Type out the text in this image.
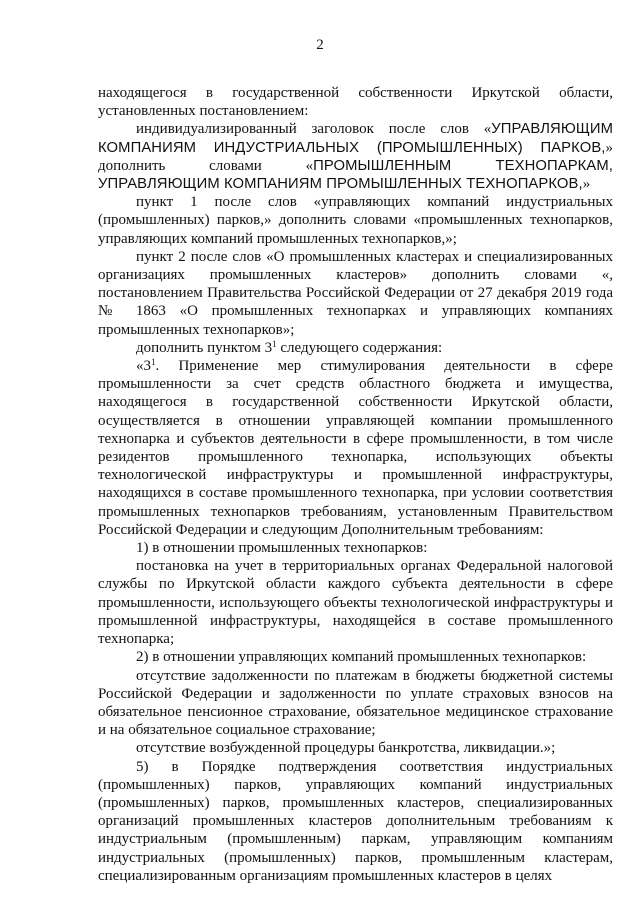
2

находящегося в государственной собственности Иркутской области, установленных постановлением:

индивидуализированный заголовок после слов «УПРАВЛЯЮЩИМ КОМПАНИЯМ ИНДУСТРИАЛЬНЫХ (ПРОМЫШЛЕННЫХ) ПАРКОВ,» дополнить словами «ПРОМЫШЛЕННЫМ ТЕХНОПАРКАМ, УПРАВЛЯЮЩИМ КОМПАНИЯМ ПРОМЫШЛЕННЫХ ТЕХНОПАРКОВ,»

пункт 1 после слов «управляющих компаний индустриальных (промышленных) парков,» дополнить словами «промышленных технопарков, управляющих компаний промышленных технопарков,»;

пункт 2 после слов «О промышленных кластерах и специализированных организациях промышленных кластеров» дополнить словами «, постановлением Правительства Российской Федерации от 27 декабря 2019 года № 1863 «О промышленных технопарках и управляющих компаниях промышленных технопарков»;

дополнить пунктом $3^1$ следующего содержания:

«$3^1$. Применение мер стимулирования деятельности в сфере промышленности за счет средств областного бюджета и имущества, находящегося в государственной собственности Иркутской области, осуществляется в отношении управляющей компании промышленного технопарка и субъектов деятельности в сфере промышленности, в том числе резидентов промышленного технопарка, использующих объекты технологической инфраструктуры и промышленной инфраструктуры, находящихся в составе промышленного технопарка, при условии соответствия промышленных технопарков требованиям, установленным Правительством Российской Федерации и следующим Дополнительным требованиям:

1) в отношении промышленных технопарков:

постановка на учет в территориальных органах Федеральной налоговой службы по Иркутской области каждого субъекта деятельности в сфере промышленности, использующего объекты технологической инфраструктуры и промышленной инфраструктуры, находящейся в составе промышленного технопарка;

2) в отношении управляющих компаний промышленных технопарков:

отсутствие задолженности по платежам в бюджеты бюджетной системы Российской Федерации и задолженности по уплате страховых взносов на обязательное пенсионное страхование, обязательное медицинское страхование и на обязательное социальное страхование;

отсутствие возбужденной процедуры банкротства, ликвидации.»;

5) в Порядке подтверждения соответствия индустриальных (промышленных) парков, управляющих компаний индустриальных (промышленных) парков, промышленных кластеров, специализированных организаций промышленных кластеров дополнительным требованиям к индустриальным (промышленным) паркам, управляющим компаниям индустриальных (промышленных) парков, промышленным кластерам, специализированным организациям промышленных кластеров в целях
